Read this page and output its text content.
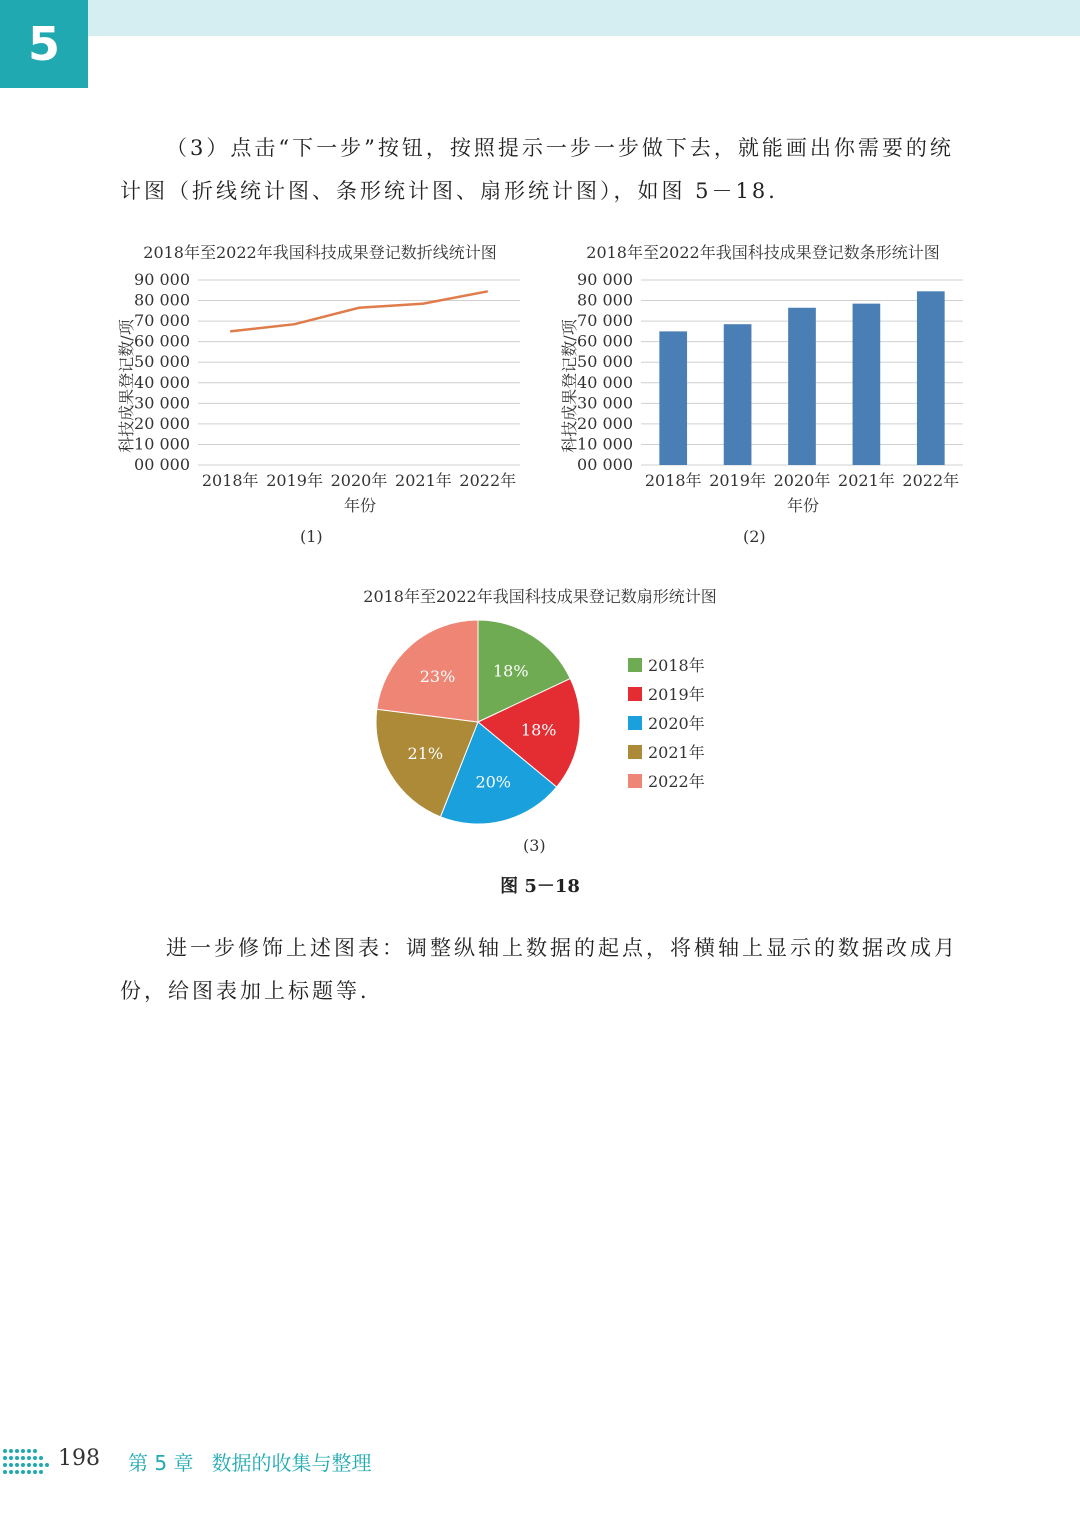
5

（3）点击“下一步”按钮，按照提示一步一步做下去，就能画出你需要的统计图（折线统计图、条形统计图、扇形统计图），如图 5－18．

2018年至2022年我国科技成果登记数折线统计图
科技成果登记数/项
年份
00 000
10 000
20 000
30 000
40 000
50 000
60 000
70 000
80 000
90 000
2018年 2019年 2020年 2021年 2022年
(1)
2018年至2022年我国科技成果登记数条形统计图
科技成果登记数/项
年份
00 000
10 000
20 000
30 000
40 000
50 000
60 000
70 000
80 000
90 000
2018年 2019年 2020年 2021年 2022年
(2)
2018年至2022年我国科技成果登记数扇形统计图
18%
18%
20%
21%
23%
2018年
2019年
2020年
2021年
2022年
(3)
图 5－18

进一步修饰上述图表：调整纵轴上数据的起点，将横轴上显示的数据改成月份，给图表加上标题等．

198 第 5 章 数据的收集与整理
